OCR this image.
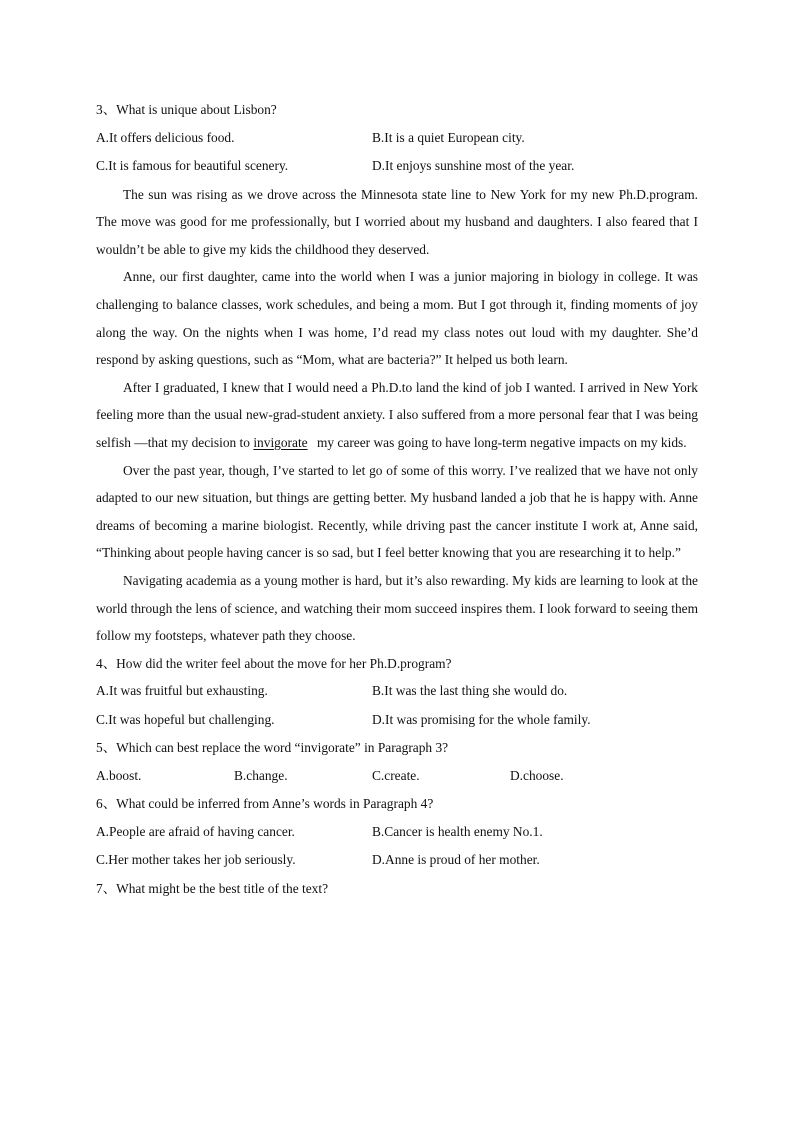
3、What is unique about Lisbon?
A.It offers delicious food.	B.It is a quiet European city.
C.It is famous for beautiful scenery.	D.It enjoys sunshine most of the year.

The sun was rising as we drove across the Minnesota state line to New York for my new Ph.D.program. The move was good for me professionally, but I worried about my husband and daughters. I also feared that I wouldn’t be able to give my kids the childhood they deserved.

Anne, our first daughter, came into the world when I was a junior majoring in biology in college. It was challenging to balance classes, work schedules, and being a mom. But I got through it, finding moments of joy along the way. On the nights when I was home, I’d read my class notes out loud with my daughter. She’d respond by asking questions, such as “Mom, what are bacteria?” It helped us both learn.

After I graduated, I knew that I would need a Ph.D.to land the kind of job I wanted. I arrived in New York feeling more than the usual new-grad-student anxiety. I also suffered from a more personal fear that I was being selfish —that my decision to invigorate my career was going to have long-term negative impacts on my kids.

Over the past year, though, I’ve started to let go of some of this worry. I’ve realized that we have not only adapted to our new situation, but things are getting better. My husband landed a job that he is happy with. Anne dreams of becoming a marine biologist. Recently, while driving past the cancer institute I work at, Anne said, “Thinking about people having cancer is so sad, but I feel better knowing that you are researching it to help.”

Navigating academia as a young mother is hard, but it’s also rewarding. My kids are learning to look at the world through the lens of science, and watching their mom succeed inspires them. I look forward to seeing them follow my footsteps, whatever path they choose.

4、How did the writer feel about the move for her Ph.D.program?
A.It was fruitful but exhausting.	B.It was the last thing she would do.
C.It was hopeful but challenging.	D.It was promising for the whole family.
5、Which can best replace the word “invigorate” in Paragraph 3?
A.boost.	B.change.	C.create.	D.choose.
6、What could be inferred from Anne’s words in Paragraph 4?
A.People are afraid of having cancer.	B.Cancer is health enemy No.1.
C.Her mother takes her job seriously.	D.Anne is proud of her mother.
7、What might be the best title of the text?
